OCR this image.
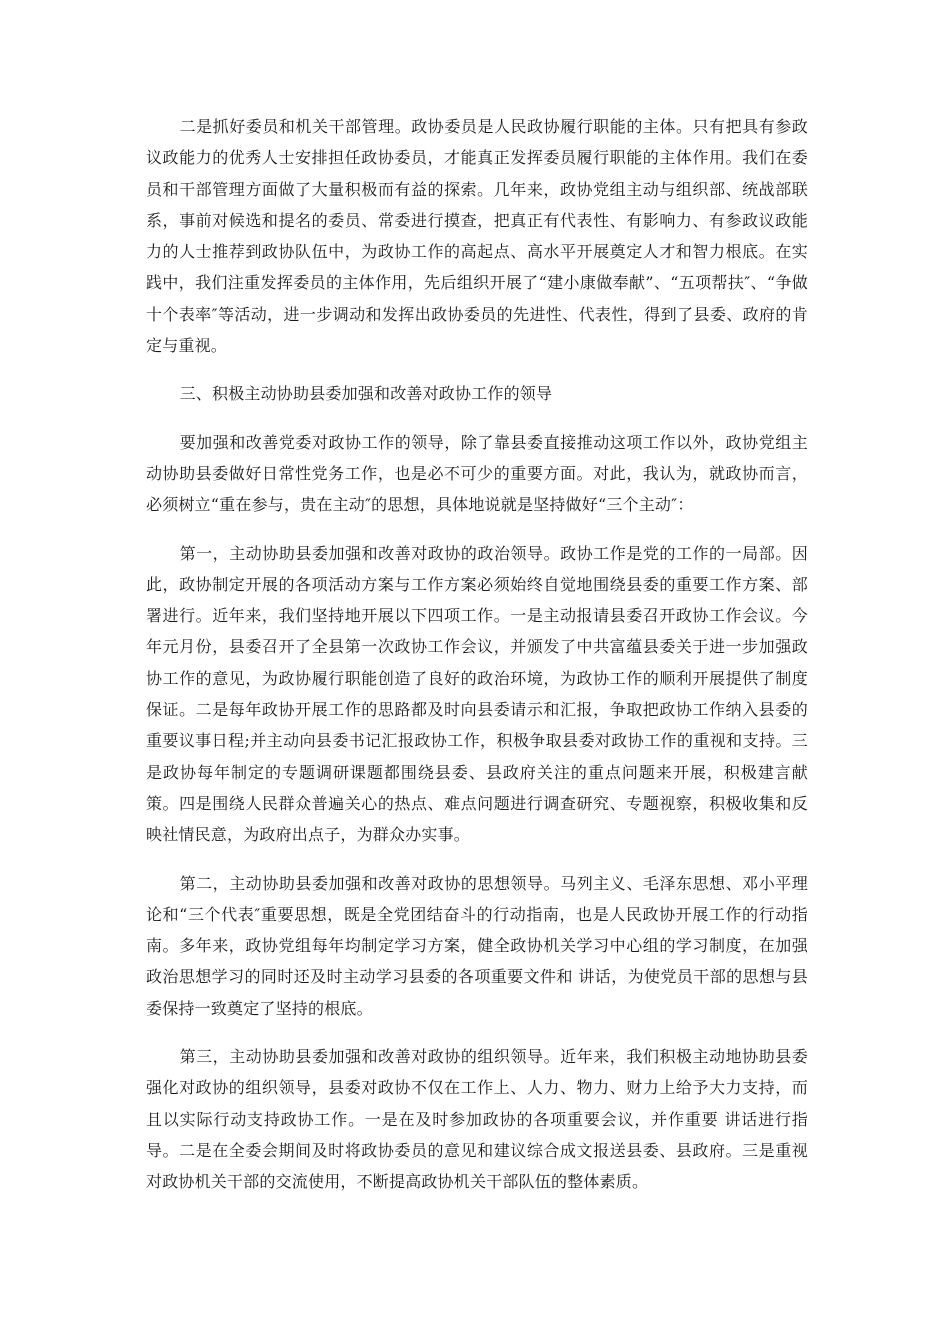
二是抓好委员和机关干部管理。政协委员是人民政协履行职能的主体。只有把具有参政议政能力的优秀人士安排担任政协委员，才能真正发挥委员履行职能的主体作用。我们在委员和干部管理方面做了大量积极而有益的探索。几年来，政协党组主动与组织部、统战部联系，事前对候选和提名的委员、常委进行摸查，把真正有代表性、有影响力、有参政议政能力的人士推荐到政协队伍中，为政协工作的高起点、高水平开展奠定人才和智力根底。在实践中，我们注重发挥委员的主体作用，先后组织开展了“建小康做奉献”、“五项帮扶″、“争做十个表率″等活动，进一步调动和发挥出政协委员的先进性、代表性，得到了县委、政府的肯定与重视。

三、积极主动协助县委加强和改善对政协工作的领导

要加强和改善党委对政协工作的领导，除了靠县委直接推动这项工作以外，政协党组主动协助县委做好日常性党务工作，也是必不可少的重要方面。对此，我认为，就政协而言，必须树立“重在参与，贵在主动″的思想，具体地说就是坚持做好“三个主动″：

第一，主动协助县委加强和改善对政协的政治领导。政协工作是党的工作的一局部。因此，政协制定开展的各项活动方案与工作方案必须始终自觉地围绕县委的重要工作方案、部署进行。近年来，我们坚持地开展以下四项工作。一是主动报请县委召开政协工作会议。今年元月份，县委召开了全县第一次政协工作会议，并颁发了中共富蕴县委关于进一步加强政协工作的意见，为政协履行职能创造了良好的政治环境，为政协工作的顺利开展提供了制度保证。二是每年政协开展工作的思路都及时向县委请示和汇报，争取把政协工作纳入县委的重要议事日程;并主动向县委书记汇报政协工作，积极争取县委对政协工作的重视和支持。三是政协每年制定的专题调研课题都围绕县委、县政府关注的重点问题来开展，积极建言献策。四是围绕人民群众普遍关心的热点、难点问题进行调查研究、专题视察，积极收集和反映社情民意，为政府出点子，为群众办实事。

第二，主动协助县委加强和改善对政协的思想领导。马列主义、毛泽东思想、邓小平理论和“三个代表″重要思想，既是全党团结奋斗的行动指南，也是人民政协开展工作的行动指南。多年来，政协党组每年均制定学习方案，健全政协机关学习中心组的学习制度，在加强政治思想学习的同时还及时主动学习县委的各项重要文件和 讲话，为使党员干部的思想与县委保持一致奠定了坚持的根底。

第三，主动协助县委加强和改善对政协的组织领导。近年来，我们积极主动地协助县委强化对政协的组织领导，县委对政协不仅在工作上、人力、物力、财力上给予大力支持，而且以实际行动支持政协工作。一是在及时参加政协的各项重要会议，并作重要 讲话进行指导。二是在全委会期间及时将政协委员的意见和建议综合成文报送县委、县政府。三是重视对政协机关干部的交流使用，不断提高政协机关干部队伍的整体素质。
